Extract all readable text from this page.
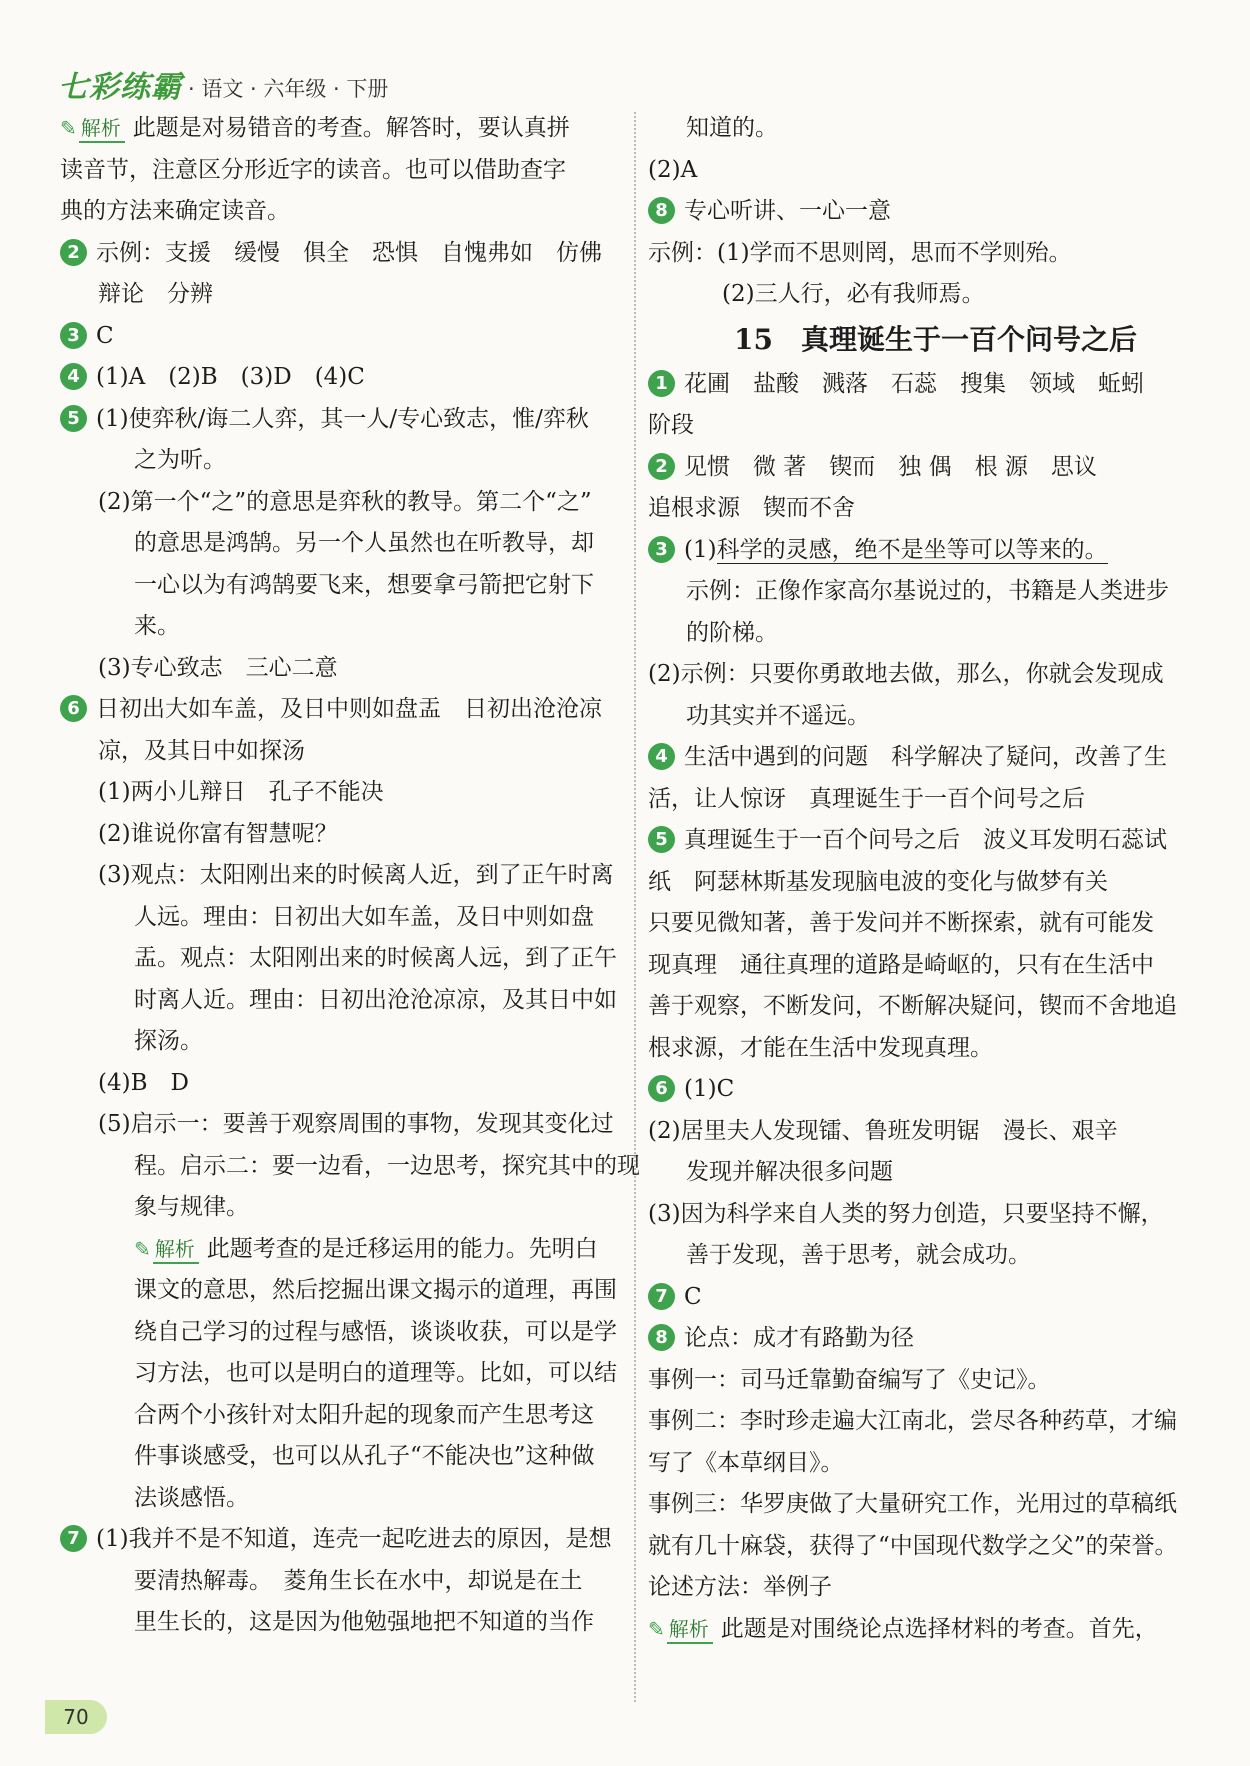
七彩练霸 · 语文 · 六年级 · 下册
✎ 解析 此题是对易错音的考查。解答时，要认真拼
读音节，注意区分形近字的读音。也可以借助查字
典的方法来确定读音。
2 示例：支援　缓慢　俱全　恐惧　自愧弗如　仿佛
辩论　分辨
3 C
4 (1)A　(2)B　(3)D　(4)C
5 (1)使弈秋/诲二人弈，其一人/专心致志，惟/弈秋
之为听。
(2)第一个“之”的意思是弈秋的教导。第二个“之”
的意思是鸿鹄。另一个人虽然也在听教导，却
一心以为有鸿鹄要飞来，想要拿弓箭把它射下
来。
(3)专心致志　三心二意
6 日初出大如车盖，及日中则如盘盂　日初出沧沧凉
凉，及其日中如探汤
(1)两小儿辩日　孔子不能决
(2)谁说你富有智慧呢？
(3)观点：太阳刚出来的时候离人近，到了正午时离
人远。理由：日初出大如车盖，及日中则如盘
盂。观点：太阳刚出来的时候离人远，到了正午
时离人近。理由：日初出沧沧凉凉，及其日中如
探汤。
(4)B　D
(5)启示一：要善于观察周围的事物，发现其变化过
程。启示二：要一边看，一边思考，探究其中的现
象与规律。
✎ 解析 此题考查的是迁移运用的能力。先明白
课文的意思，然后挖掘出课文揭示的道理，再围
绕自己学习的过程与感悟，谈谈收获，可以是学
习方法，也可以是明白的道理等。比如，可以结
合两个小孩针对太阳升起的现象而产生思考这
件事谈感受，也可以从孔子“不能决也”这种做
法谈感悟。
7 (1)我并不是不知道，连壳一起吃进去的原因，是想
要清热解毒。　菱角生长在水中，却说是在土
里生长的，这是因为他勉强地把不知道的当作
知道的。
(2)A
8 专心听讲、一心一意
示例：(1)学而不思则罔，思而不学则殆。
(2)三人行，必有我师焉。
15　真理诞生于一百个问号之后
1 花圃　盐酸　溅落　石蕊　搜集　领域　蚯蚓
阶段
2 见惯　微 著　锲而　独 偶　根 源　思议
追根求源　锲而不舍
3 (1)科学的灵感，绝不是坐等可以等来的。
示例：正像作家高尔基说过的，书籍是人类进步
的阶梯。
(2)示例：只要你勇敢地去做，那么，你就会发现成
功其实并不遥远。
4 生活中遇到的问题　科学解决了疑问，改善了生
活，让人惊讶　真理诞生于一百个问号之后
5 真理诞生于一百个问号之后　波义耳发明石蕊试
纸　阿瑟林斯基发现脑电波的变化与做梦有关
只要见微知著，善于发问并不断探索，就有可能发
现真理　通往真理的道路是崎岖的，只有在生活中
善于观察，不断发问，不断解决疑问，锲而不舍地追
根求源，才能在生活中发现真理。
6 (1)C
(2)居里夫人发现镭、鲁班发明锯　漫长、艰辛
发现并解决很多问题
(3)因为科学来自人类的努力创造，只要坚持不懈，
善于发现，善于思考，就会成功。
7 C
8 论点：成才有路勤为径
事例一：司马迁靠勤奋编写了《史记》。
事例二：李时珍走遍大江南北，尝尽各种药草，才编
写了《本草纲目》。
事例三：华罗庚做了大量研究工作，光用过的草稿纸
就有几十麻袋，获得了“中国现代数学之父”的荣誉。
论述方法：举例子
✎ 解析 此题是对围绕论点选择材料的考查。首先，
70
